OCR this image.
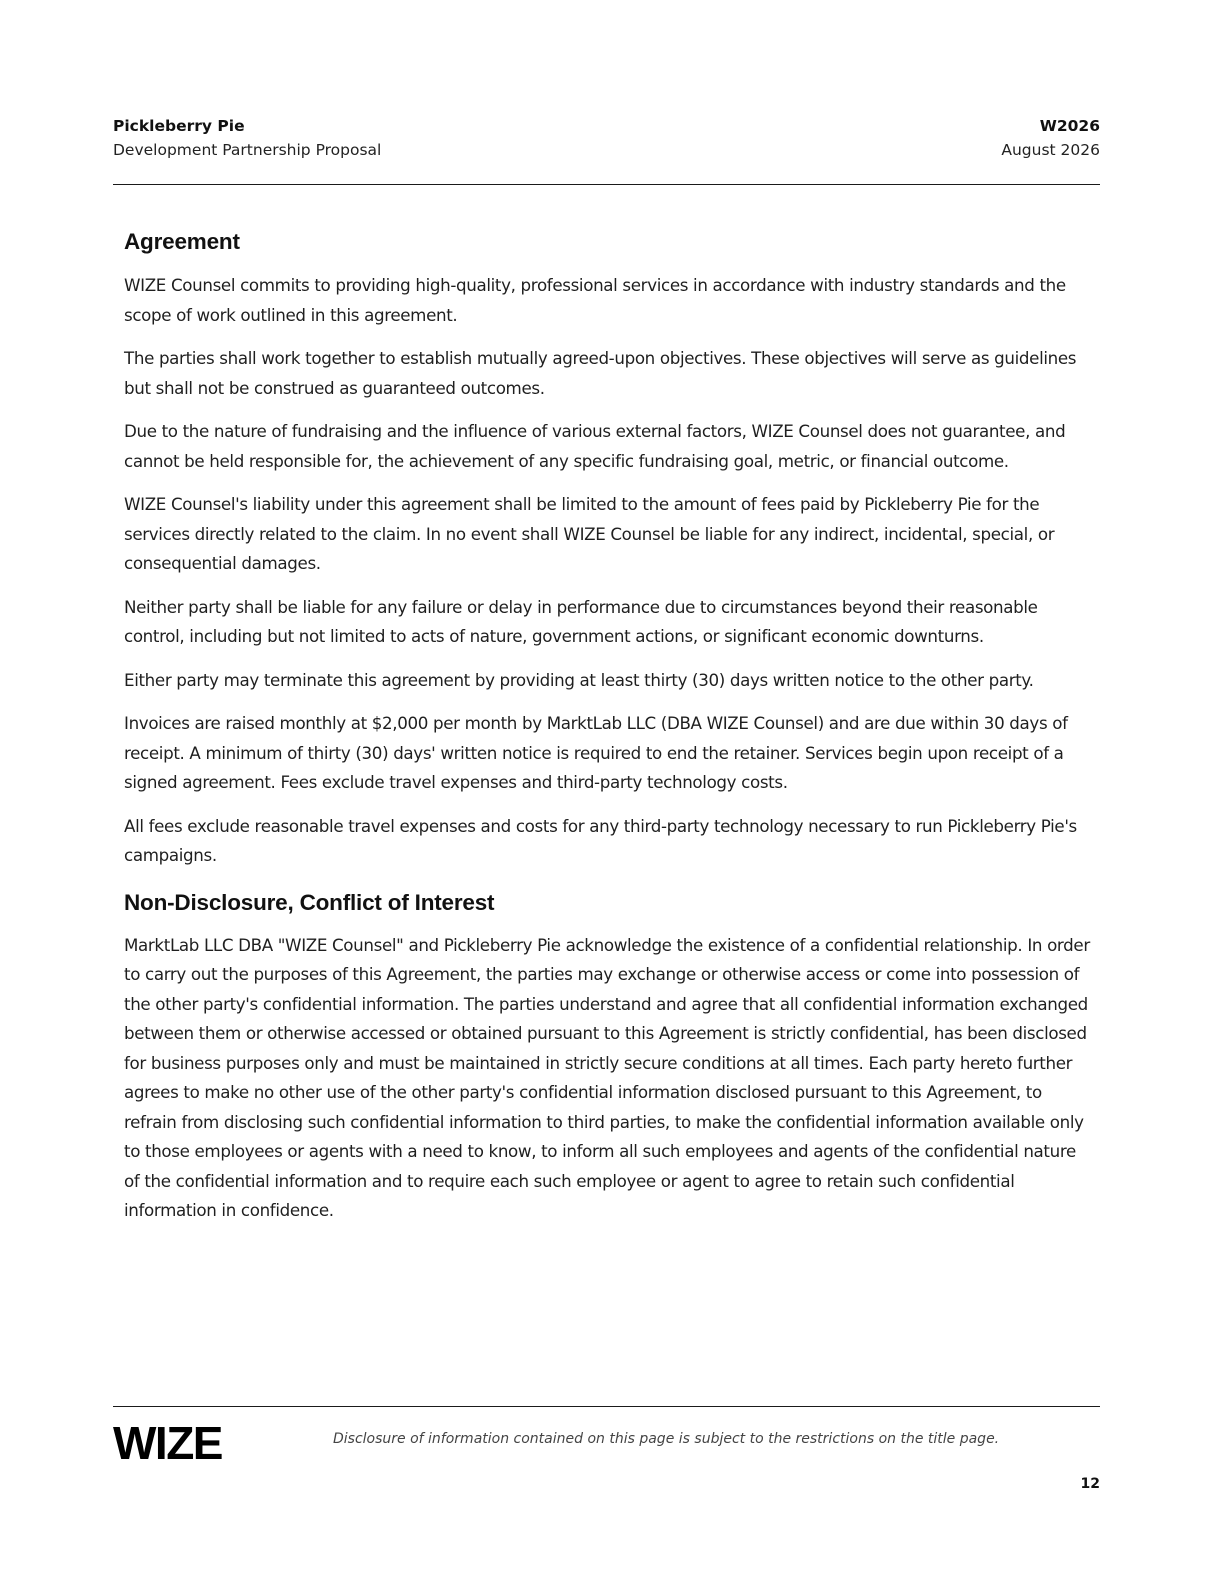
Pickleberry Pie
Development Partnership Proposal
W2026
August 2026
Agreement

WIZE Counsel commits to providing high-quality, professional services in accordance with industry standards and the scope of work outlined in this agreement.

The parties shall work together to establish mutually agreed-upon objectives. These objectives will serve as guidelines but shall not be construed as guaranteed outcomes.

Due to the nature of fundraising and the influence of various external factors, WIZE Counsel does not guarantee, and cannot be held responsible for, the achievement of any specific fundraising goal, metric, or financial outcome.

WIZE Counsel's liability under this agreement shall be limited to the amount of fees paid by Pickleberry Pie for the services directly related to the claim. In no event shall WIZE Counsel be liable for any indirect, incidental, special, or consequential damages.

Neither party shall be liable for any failure or delay in performance due to circumstances beyond their reasonable control, including but not limited to acts of nature, government actions, or significant economic downturns.

Either party may terminate this agreement by providing at least thirty (30) days written notice to the other party.

Invoices are raised monthly at $2,000 per month by MarktLab LLC (DBA WIZE Counsel) and are due within 30 days of receipt. A minimum of thirty (30) days' written notice is required to end the retainer. Services begin upon receipt of a signed agreement. Fees exclude travel expenses and third-party technology costs.

All fees exclude reasonable travel expenses and costs for any third-party technology necessary to run Pickleberry Pie's campaigns.

Non-Disclosure, Conflict of Interest

MarktLab LLC DBA "WIZE Counsel" and Pickleberry Pie acknowledge the existence of a confidential relationship. In order to carry out the purposes of this Agreement, the parties may exchange or otherwise access or come into possession of the other party's confidential information. The parties understand and agree that all confidential information exchanged between them or otherwise accessed or obtained pursuant to this Agreement is strictly confidential, has been disclosed for business purposes only and must be maintained in strictly secure conditions at all times. Each party hereto further agrees to make no other use of the other party's confidential information disclosed pursuant to this Agreement, to refrain from disclosing such confidential information to third parties, to make the confidential information available only to those employees or agents with a need to know, to inform all such employees and agents of the confidential nature of the confidential information and to require each such employee or agent to agree to retain such confidential information in confidence.

WIZE	Disclosure of information contained on this page is subject to the restrictions on the title page.
12
